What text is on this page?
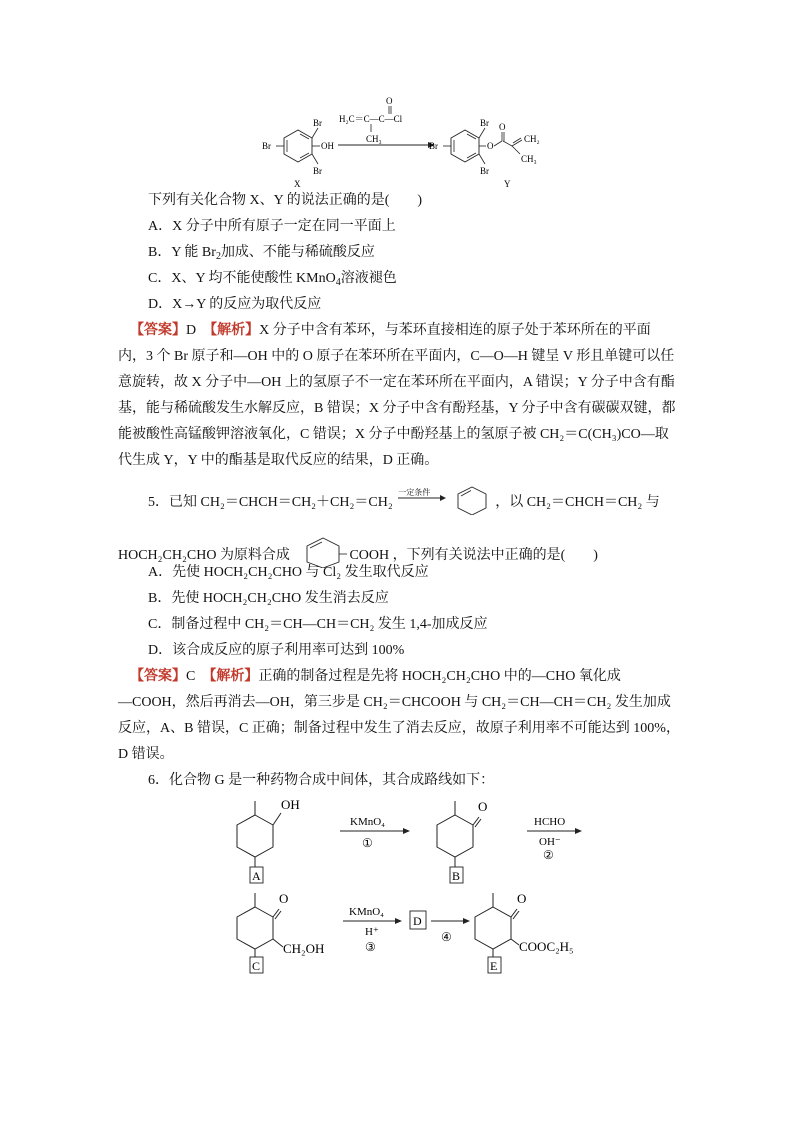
O
H₂C＝C—C—Cl
CH₃
Br
OH
Br
Br
X
Br
Br
Br	O
O
CH₂
CH₃
Y
下列有关化合物 X、Y 的说法正确的是(　　)
A．X 分子中所有原子一定在同一平面上
B．Y 能 $Br_2$加成、不能与稀硫酸反应
C．X、Y 均不能使酸性 KMnO$_4$溶液褪色
D．X→Y 的反应为取代反应
【答案】D　 【解析】X 分子中含有苯环，与苯环直接相连的原子处于苯环所在的平面
内，3 个 Br 原子和—OH 中的 O 原子在苯环所在平面内，C—O—H 键呈 V 形且单键可以任
意旋转，故 X 分子中—OH 上的氢原子不一定在苯环所在平面内，A 错误；Y 分子中含有酯
基，能与稀硫酸发生水解反应，B 错误；X 分子中含有酚羟基，Y 分子中含有碳碳双键，都
能被酸性高锰酸钾溶液氧化，C 错误；X 分子中酚羟基上的氢原子被 CH₂＝C(CH₃)CO—取
代生成 Y，Y 中的酯基是取代反应的结果，D 正确。
5．已知 CH₂＝CHCH＝CH₂＋CH₂＝CH₂
一定条件
，以 CH₂＝CHCH＝CH₂ 与
HOCH₂CH₂CHO 为原料合成	COOH ，下列有关说法中正确的是(　　)
A．先使 HOCH₂CH₂CHO 与 Cl₂ 发生取代反应
B．先使 HOCH₂CH₂CHO 发生消去反应
C．制备过程中 CH₂＝CH—CH＝CH₂ 发生 1,4-加成反应
D．该合成反应的原子利用率可达到 100%
【答案】C　 【解析】正确的制备过程是先将 HOCH₂CH₂CHO 中的—CHO 氧化成
—COOH，然后再消去—OH，第三步是 CH₂＝CHCOOH 与 CH₂＝CH—CH＝CH₂ 发生加成
反应，A、B 错误，C 正确；制备过程中发生了消去反应，故原子利用率不可能达到 100%，
D 错误。
6．化合物 G 是一种药物合成中间体，其合成路线如下：
OH
A
KMnO₄
①
O
B
HCHO
OH⁻
②
O
CH₂OH
C
KMnO₄
H⁺
③
D
④
O
COOC₂H₅
E
